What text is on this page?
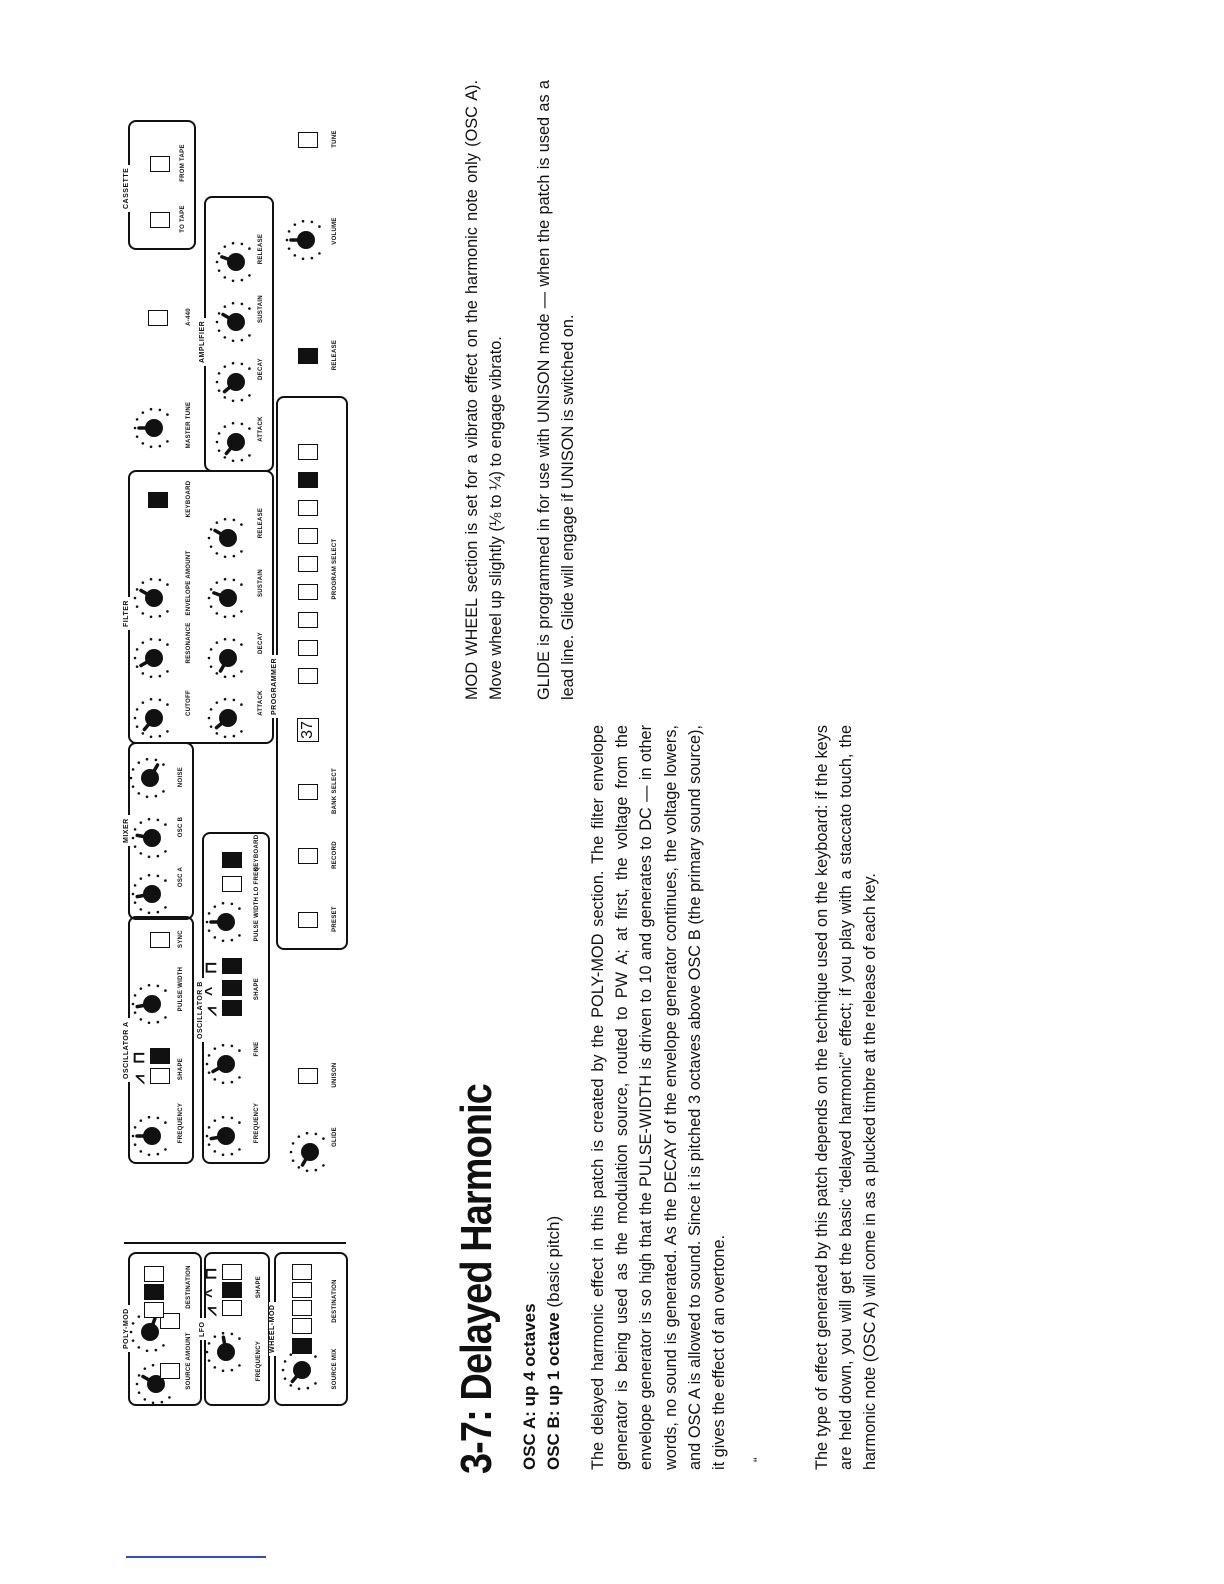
POLY-MOD	LFO	WHEEL-MOD
OSCILLATOR A
OSCILLATOR B
MIXER
FILTER
AMPLIFIER
CASSETTE
PROGRAMMER
⩘
^
⊓
⩘
⊓
⩘
^
⊓
37
SOURCE AMOUNT
DESTINATION
FREQUENCY
SHAPE
SOURCE MIX
DESTINATION
FREQUENCY
SHAPE
PULSE WIDTH
SYNC
FREQUENCY
FINE
SHAPE
PULSE WIDTH
LO FREQ
KEYBOARD
OSC A
OSC B
NOISE
CUTOFF
RESONANCE
ENVELOPE AMOUNT
KEYBOARD
ATTACK
DECAY
SUSTAIN
RELEASE
MASTER TUNE
A-440
TO TAPE
FROM TAPE
ATTACK
DECAY
SUSTAIN
RELEASE
GLIDE
UNISON
PRESET
RECORD
BANK SELECT
PROGRAM SELECT
RELEASE
VOLUME
TUNE
3-7: Delayed Harmonic OSC A: up 4 octaves OSC B: up 1 octave (basic pitch) The delayed harmonic effect in this patch is created by the POLY-MOD section. The filter envelope generator is being used as the modulation source, routed to PW A; at first, the voltage from the envelope generator is so high that the PULSE-WIDTH is driven to 10 and generates to DC — in other words, no sound is generated. As the DECAY of the envelope generator continues, the voltage lowers, and OSC A is allowed to sound. Since it is pitched 3 octaves above OSC B (the primary sound source), it gives the effect of an overtone.	The type of effect generated by this patch depends on the technique used on the keyboard: if the keys are held down, you will get the basic “delayed harmonic” effect; if you play with a staccato touch, the harmonic note (OSC A) will come in as a plucked timbre at the release of each key.

MOD WHEEL section is set for a vibrato effect on the harmonic note only (OSC A). Move wheel up slightly (⅛ to ¼) to engage vibrato. GLIDE is programmed in for use with UNISON mode — when the patch is used as a lead line. Glide will engage if UNISON is switched on.

“
